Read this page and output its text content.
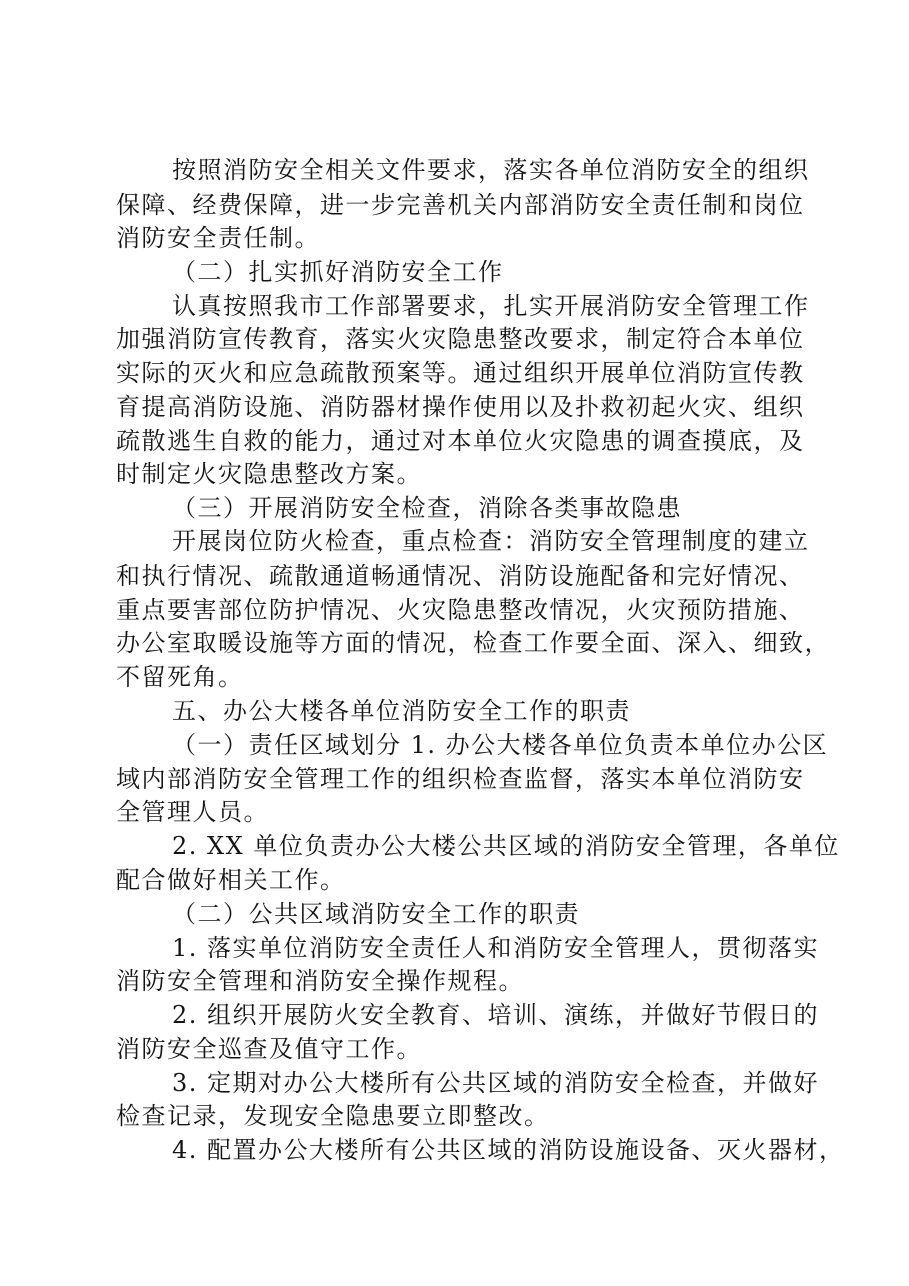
按照消防安全相关文件要求，落实各单位消防安全的组织
保障、经费保障，进一步完善机关内部消防安全责任制和岗位
消防安全责任制。
（二）扎实抓好消防安全工作
认真按照我市工作部署要求，扎实开展消防安全管理工作
加强消防宣传教育，落实火灾隐患整改要求，制定符合本单位
实际的灭火和应急疏散预案等。通过组织开展单位消防宣传教
育提高消防设施、消防器材操作使用以及扑救初起火灾、组织
疏散逃生自救的能力，通过对本单位火灾隐患的调查摸底，及
时制定火灾隐患整改方案。
（三）开展消防安全检查，消除各类事故隐患
开展岗位防火检查，重点检查：消防安全管理制度的建立
和执行情况、疏散通道畅通情况、消防设施配备和完好情况、
重点要害部位防护情况、火灾隐患整改情况，火灾预防措施、
办公室取暖设施等方面的情况，检查工作要全面、深入、细致，
不留死角。
五、办公大楼各单位消防安全工作的职责
（一）责任区域划分 1. 办公大楼各单位负责本单位办公区
域内部消防安全管理工作的组织检查监督，落实本单位消防安
全管理人员。
2. XX 单位负责办公大楼公共区域的消防安全管理，各单位
配合做好相关工作。
（二）公共区域消防安全工作的职责
1. 落实单位消防安全责任人和消防安全管理人，贯彻落实
消防安全管理和消防安全操作规程。
2. 组织开展防火安全教育、培训、演练，并做好节假日的
消防安全巡查及值守工作。
3. 定期对办公大楼所有公共区域的消防安全检查，并做好
检查记录，发现安全隐患要立即整改。
4. 配置办公大楼所有公共区域的消防设施设备、灭火器材，
